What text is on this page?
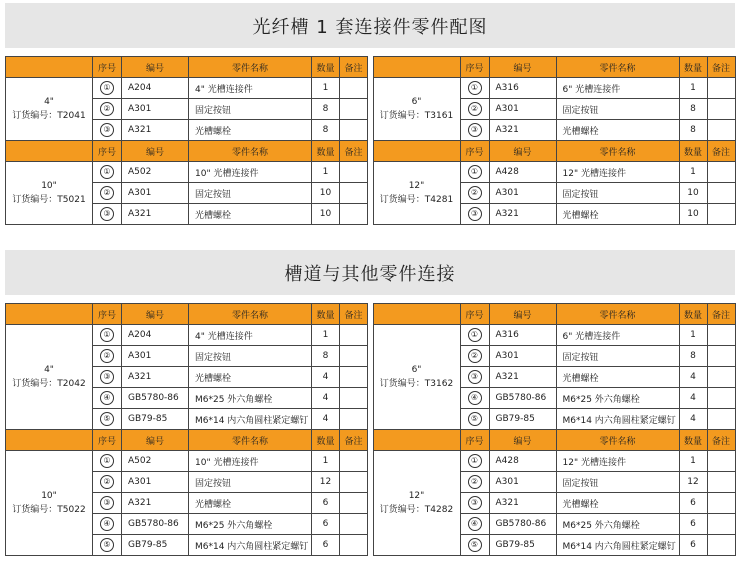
光纤槽 1 套连接件零件配图
	序号	编号	零件名称	数量	备注

4"
订货编号：T2041	①	A204	4" 光槽连接件	1	
	②	A301	固定按钮	8	
	③	A321	光槽螺栓	8	
	序号	编号	零件名称	数量	备注

10"
订货编号：T5021	①	A502	10" 光槽连接件	1	
	②	A301	固定按钮	10	
	③	A321	光槽螺栓	10	
	序号	编号	零件名称	数量	备注

6"
订货编号：T3161	①	A316	6" 光槽连接件	1	
	②	A301	固定按钮	8	
	③	A321	光槽螺栓	8	
	序号	编号	零件名称	数量	备注

12"
订货编号：T4281	①	A428	12" 光槽连接件	1	
	②	A301	固定按钮	10	
	③	A321	光槽螺栓	10	
槽道与其他零件连接
	序号	编号	零件名称	数量	备注

4"
订货编号：T2042	①	A204	4" 光槽连接件	1	
	②	A301	固定按钮	8	
	③	A321	光槽螺栓	4	
	④	GB5780-86	M6*25 外六角螺栓	4	
	⑤	GB79-85	M6*14 内六角圆柱紧定螺钉	4	
	序号	编号	零件名称	数量	备注

10"
订货编号：T5022	①	A502	10" 光槽连接件	1	
	②	A301	固定按钮	12	
	③	A321	光槽螺栓	6	
	④	GB5780-86	M6*25 外六角螺栓	6	
	⑤	GB79-85	M6*14 内六角圆柱紧定螺钉	6	
	序号	编号	零件名称	数量	备注

6"
订货编号：T3162	①	A316	6" 光槽连接件	1	
	②	A301	固定按钮	8	
	③	A321	光槽螺栓	4	
	④	GB5780-86	M6*25 外六角螺栓	4	
	⑤	GB79-85	M6*14 内六角圆柱紧定螺钉	4	
	序号	编号	零件名称	数量	备注

12"
订货编号：T4282	①	A428	12" 光槽连接件	1	
	②	A301	固定按钮	12	
	③	A321	光槽螺栓	6	
	④	GB5780-86	M6*25 外六角螺栓	6	
	⑤	GB79-85	M6*14 内六角圆柱紧定螺钉	6	
